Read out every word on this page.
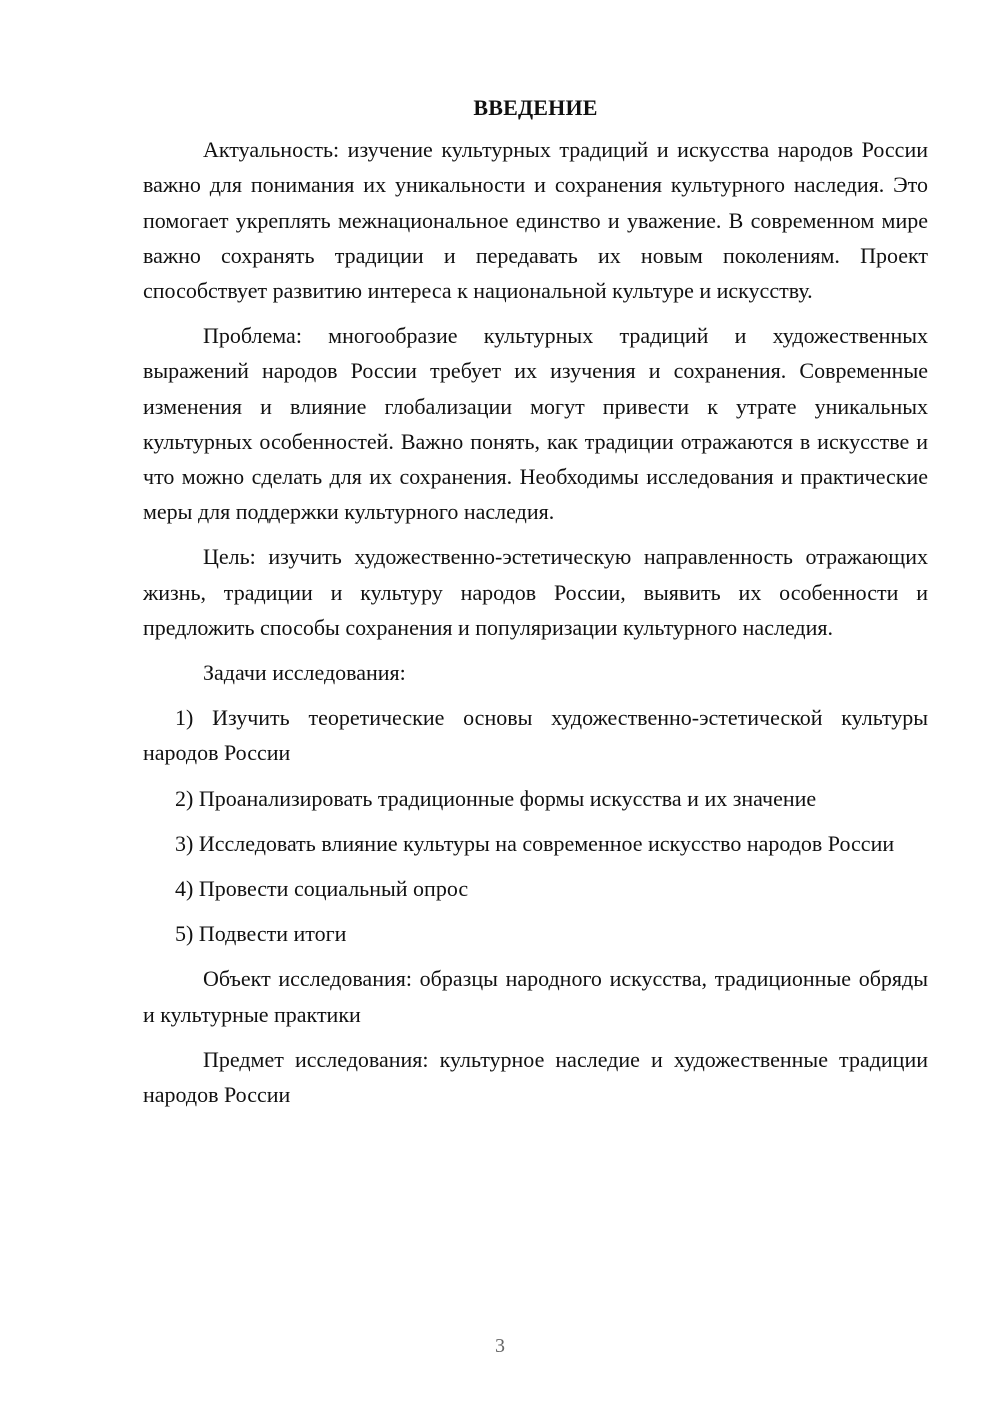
ВВЕДЕНИЕ

Актуальность: изучение культурных традиций и искусства народов России важно для понимания их уникальности и сохранения культурного наследия. Это помогает укреплять межнациональное единство и уважение. В современном мире важно сохранять традиции и передавать их новым поколениям. Проект способствует развитию интереса к национальной культуре и искусству.

Проблема: многообразие культурных традиций и художественных выражений народов России требует их изучения и сохранения. Современные изменения и влияние глобализации могут привести к утрате уникальных культурных особенностей. Важно понять, как традиции отражаются в искусстве и что можно сделать для их сохранения. Необходимы исследования и практические меры для поддержки культурного наследия.

Цель: изучить художественно-эстетическую направленность отражающих жизнь, традиции и культуру народов России, выявить их особенности и предложить способы сохранения и популяризации культурного наследия.

Задачи исследования:

1) Изучить теоретические основы художественно-эстетической культуры народов России

2) Проанализировать традиционные формы искусства и их значение

3) Исследовать влияние культуры на современное искусство народов России

4) Провести социальный опрос

5) Подвести итоги

Объект исследования: образцы народного искусства, традиционные обряды и культурные практики

Предмет исследования: культурное наследие и художественные традиции народов России

3
